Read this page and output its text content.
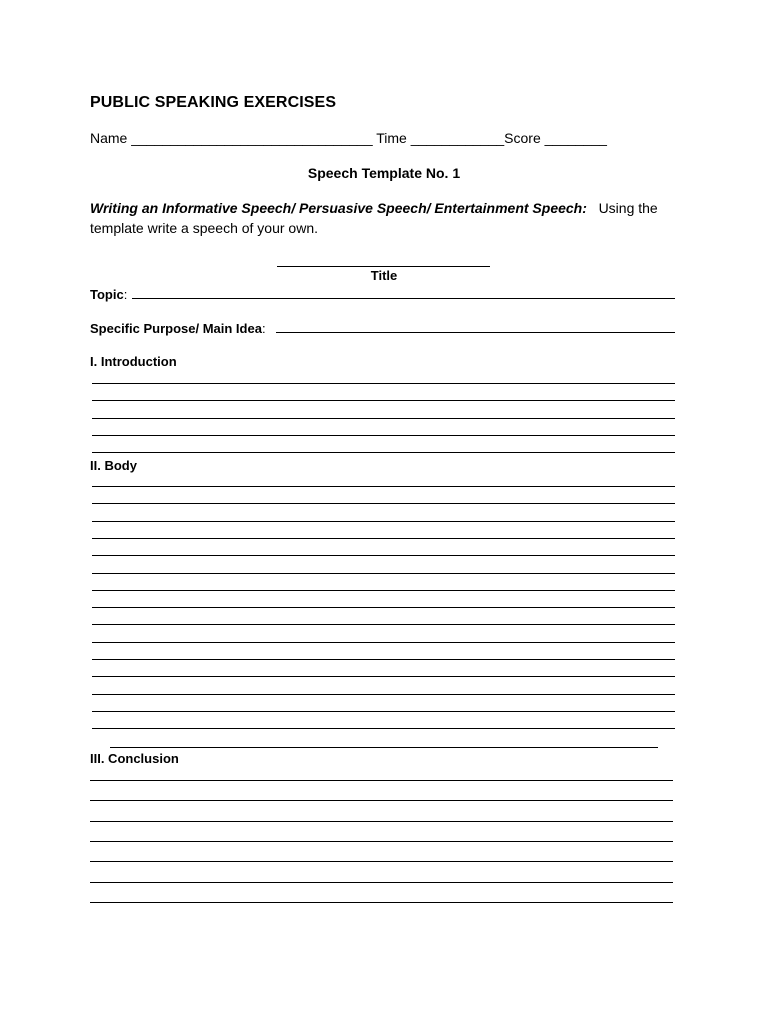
PUBLIC SPEAKING EXERCISES
Name _______________________________ Time ____________Score ________
Speech Template No. 1
Writing an Informative Speech/ Persuasive Speech/ Entertainment Speech: Using the template write a speech of your own.
Title
Topic:
Specific Purpose/ Main Idea:
I. Introduction
II. Body
III. Conclusion
